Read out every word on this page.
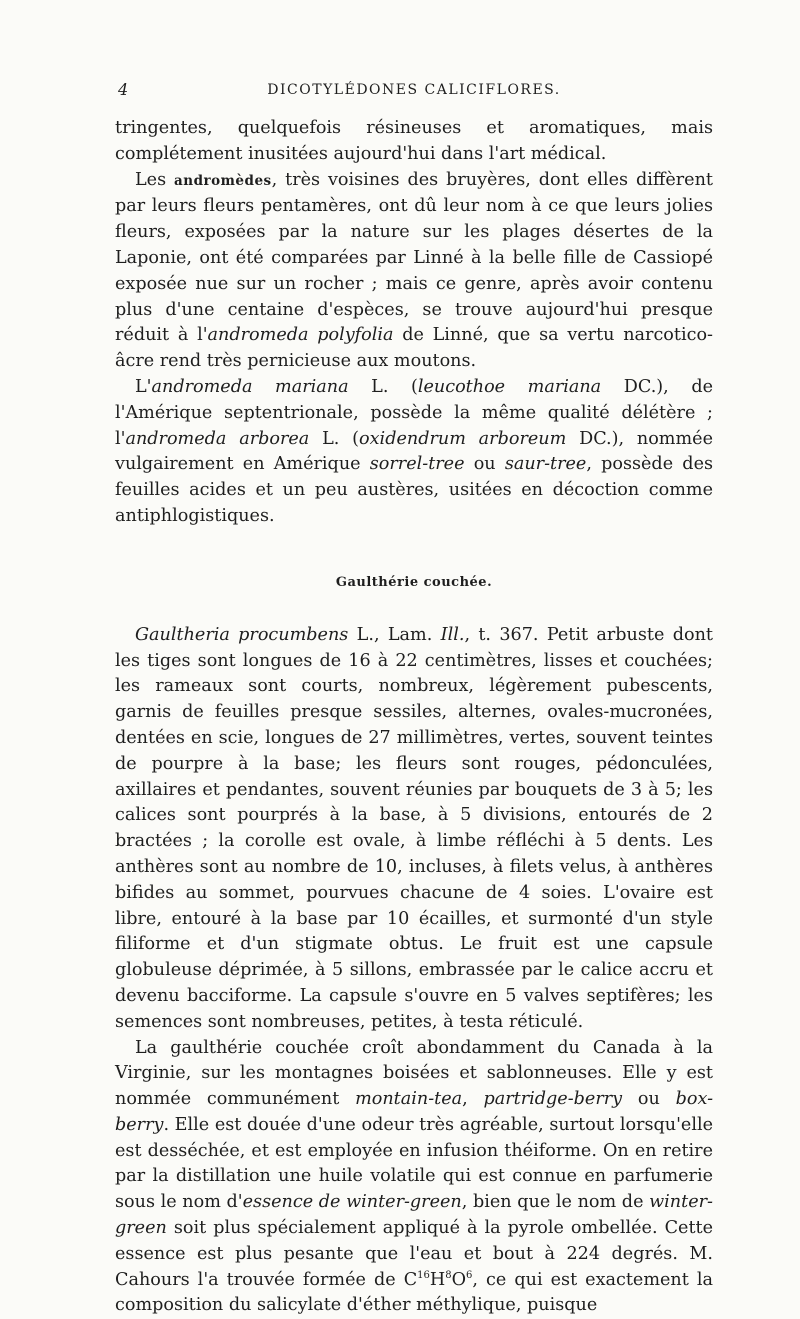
4	DICOTYLÉDONES CALICIFLORES.

tringentes, quelquefois résineuses et aromatiques, mais complétement inusitées aujourd'hui dans l'art médical.

Les andromèdes, très voisines des bruyères, dont elles diffèrent par leurs fleurs pentamères, ont dû leur nom à ce que leurs jolies fleurs, exposées par la nature sur les plages désertes de la Laponie, ont été comparées par Linné à la belle fille de Cassiopé exposée nue sur un rocher ; mais ce genre, après avoir contenu plus d'une centaine d'espèces, se trouve aujourd'hui presque réduit à l'andromeda polyfolia de Linné, que sa vertu narcotico-âcre rend très pernicieuse aux moutons.

L'andromeda mariana L. (leucothoe mariana DC.), de l'Amérique septentrionale, possède la même qualité délétère ; l'andromeda arborea L. (oxidendrum arboreum DC.), nommée vulgairement en Amérique sorrel-tree ou saur-tree, possède des feuilles acides et un peu austères, usitées en décoction comme antiphlogistiques.

Gaulthérie couchée.

Gaultheria procumbens L., Lam. Ill., t. 367. Petit arbuste dont les tiges sont longues de 16 à 22 centimètres, lisses et couchées; les rameaux sont courts, nombreux, légèrement pubescents, garnis de feuilles presque sessiles, alternes, ovales-mucronées, dentées en scie, longues de 27 millimètres, vertes, souvent teintes de pourpre à la base; les fleurs sont rouges, pédonculées, axillaires et pendantes, souvent réunies par bouquets de 3 à 5; les calices sont pourprés à la base, à 5 divisions, entourés de 2 bractées ; la corolle est ovale, à limbe réfléchi à 5 dents. Les anthères sont au nombre de 10, incluses, à filets velus, à anthères bifides au sommet, pourvues chacune de 4 soies. L'ovaire est libre, entouré à la base par 10 écailles, et surmonté d'un style filiforme et d'un stigmate obtus. Le fruit est une capsule globuleuse déprimée, à 5 sillons, embrassée par le calice accru et devenu bacciforme. La capsule s'ouvre en 5 valves septifères; les semences sont nombreuses, petites, à testa réticulé.

La gaulthérie couchée croît abondamment du Canada à la Virginie, sur les montagnes boisées et sablonneuses. Elle y est nommée communément montain-tea, partridge-berry ou box-berry. Elle est douée d'une odeur très agréable, surtout lorsqu'elle est desséchée, et est employée en infusion théiforme. On en retire par la distillation une huile volatile qui est connue en parfumerie sous le nom d'essence de winter-green, bien que le nom de winter-green soit plus spécialement appliqué à la pyrole ombellée. Cette essence est plus pesante que l'eau et bout à 224 degrés. M. Cahours l'a trouvée formée de $C^{16}H^8O^6$, ce qui est exactement la composition du salicylate d'éther méthylique, puisque
